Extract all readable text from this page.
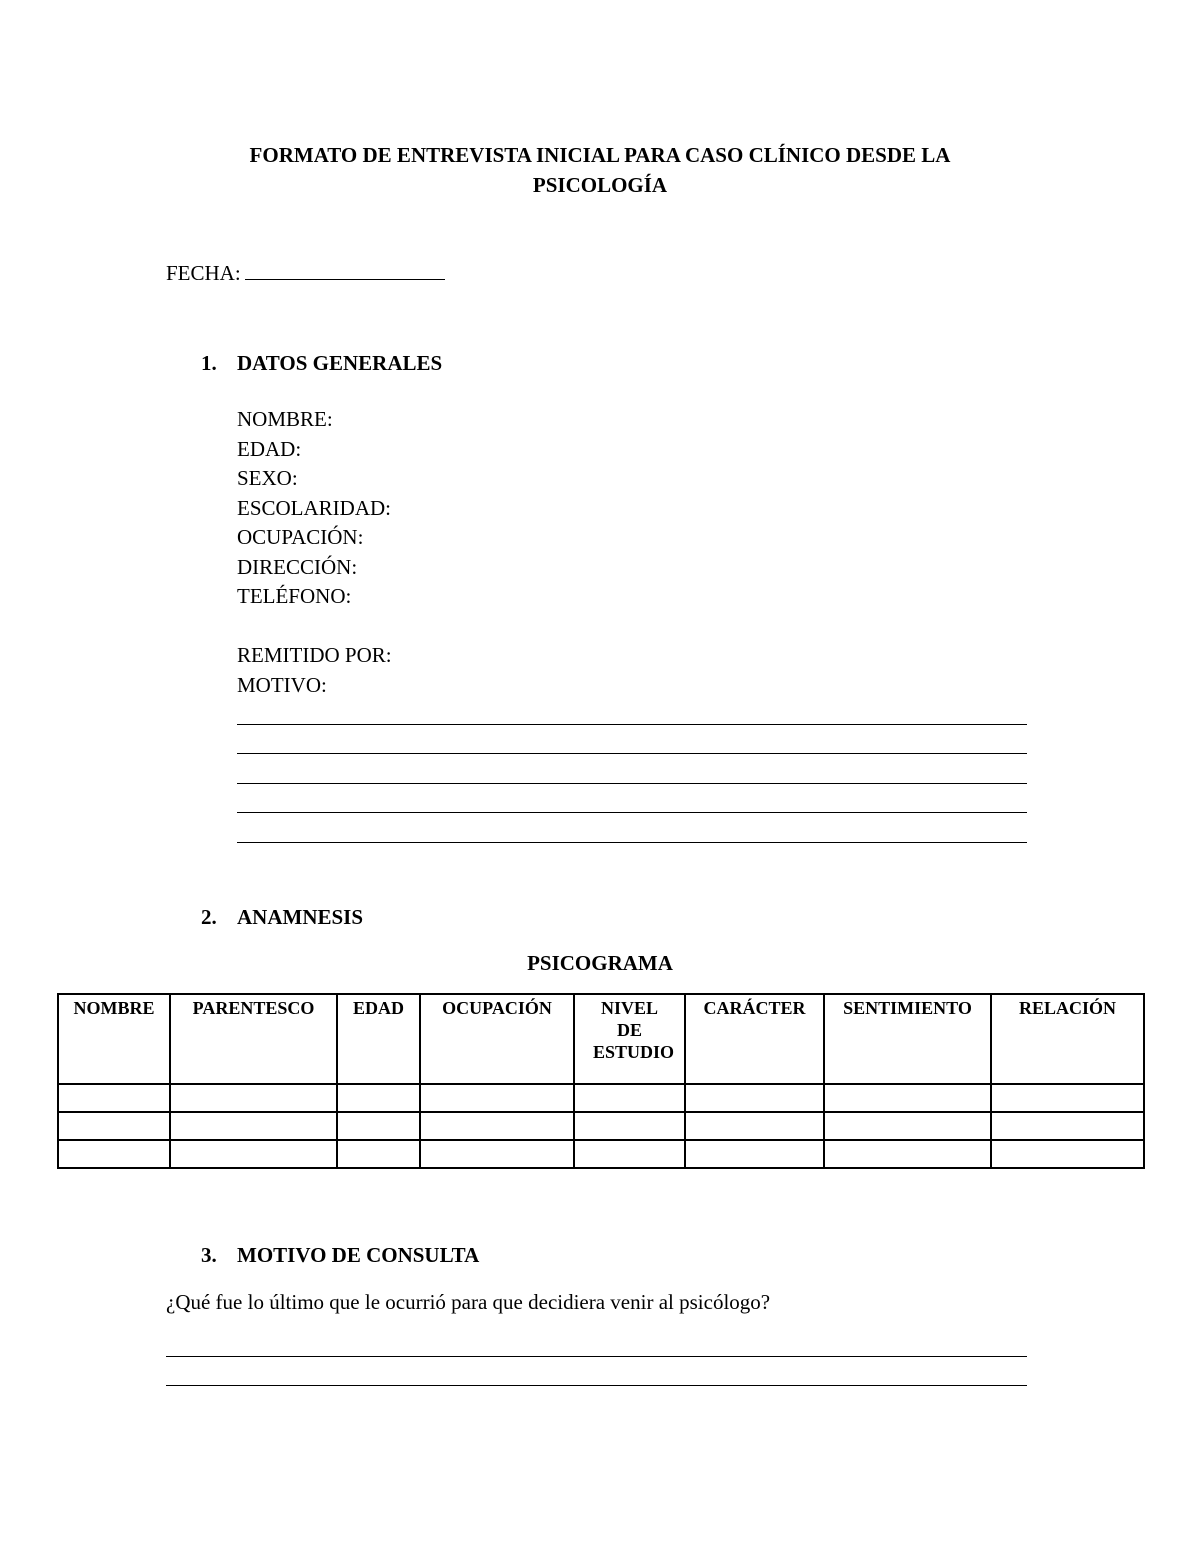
FORMATO DE ENTREVISTA INICIAL PARA CASO CLÍNICO DESDE LA
PSICOLOGÍA
FECHA:
1. DATOS GENERALES
NOMBRE:
EDAD:
SEXO:
ESCOLARIDAD:
OCUPACIÓN:
DIRECCIÓN:
TELÉFONO:
REMITIDO POR:
MOTIVO:
2. ANAMNESIS
PSICOGRAMA
NOMBRE	PARENTESCO	EDAD	OCUPACIÓN	NIVEL DE ESTUDIO	CARÁCTER	SENTIMIENTO	RELACIÓN

3. MOTIVO DE CONSULTA
¿Qué fue lo último que le ocurrió para que decidiera venir al psicólogo?
